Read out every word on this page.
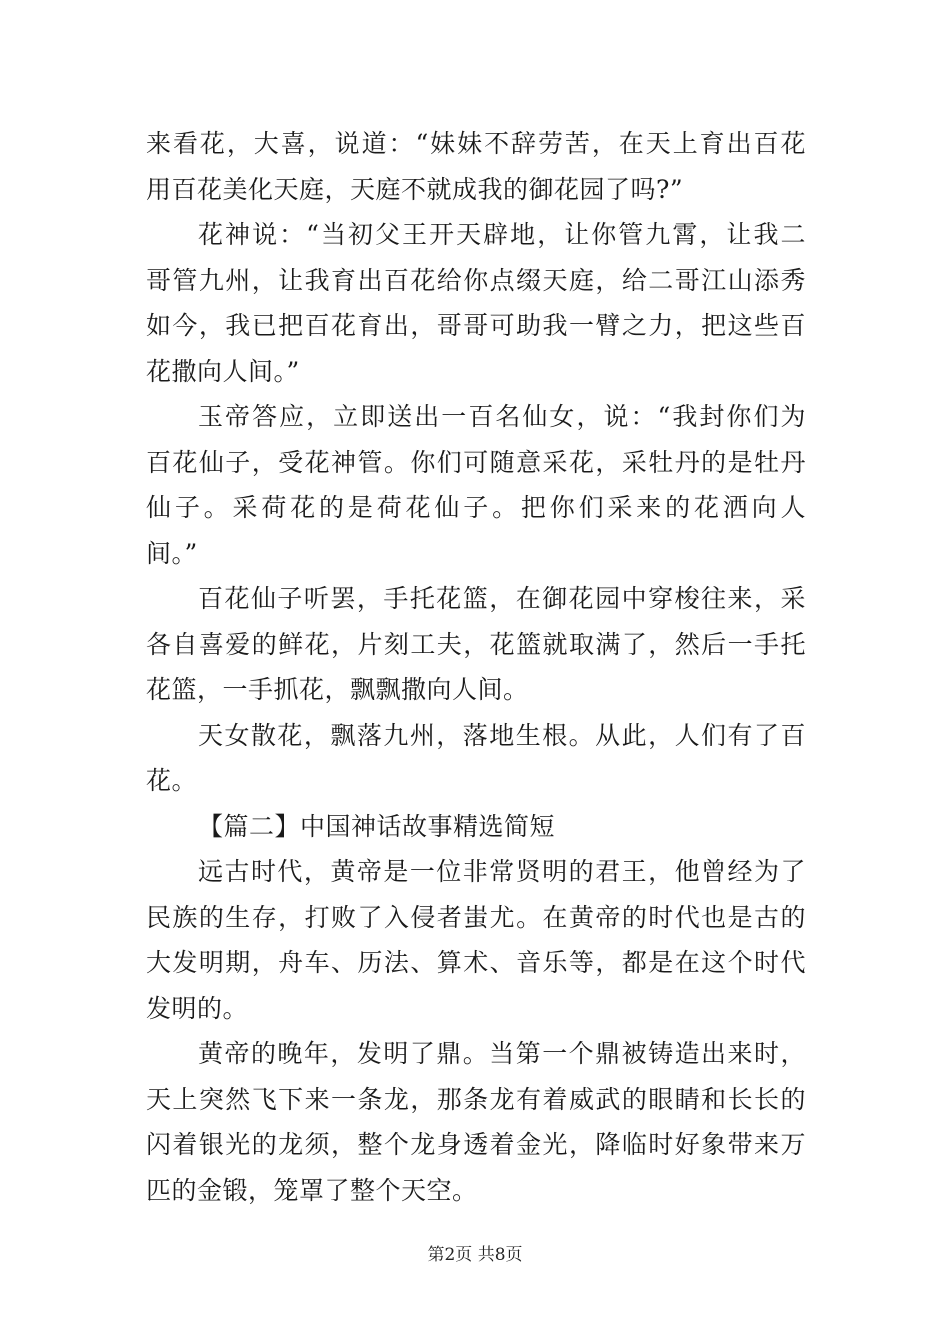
来看花，大喜，说道：“妹妹不辞劳苦，在天上育出百花
用百花美化天庭，天庭不就成我的御花园了吗?”
花神说：“当初父王开天辟地，让你管九霄，让我二
哥管九州，让我育出百花给你点缀天庭，给二哥江山添秀
如今，我已把百花育出，哥哥可助我一臂之力，把这些百
花撒向人间。”
玉帝答应，立即送出一百名仙女，说：“我封你们为
百花仙子，受花神管。你们可随意采花，采牡丹的是牡丹
仙子。采荷花的是荷花仙子。把你们采来的花洒向人
间。”
百花仙子听罢，手托花篮，在御花园中穿梭往来，采
各自喜爱的鲜花，片刻工夫，花篮就取满了，然后一手托
花篮，一手抓花，飘飘撒向人间。
天女散花，飘落九州，落地生根。从此，人们有了百
花。
【篇二】中国神话故事精选简短
远古时代，黄帝是一位非常贤明的君王，他曾经为了
民族的生存，打败了入侵者蚩尤。在黄帝的时代也是古的
大发明期，舟车、历法、算术、音乐等，都是在这个时代
发明的。
黄帝的晚年，发明了鼎。当第一个鼎被铸造出来时，
天上突然飞下来一条龙，那条龙有着威武的眼睛和长长的
闪着银光的龙须，整个龙身透着金光，降临时好象带来万
匹的金锻，笼罩了整个天空。
第2页 共8页
